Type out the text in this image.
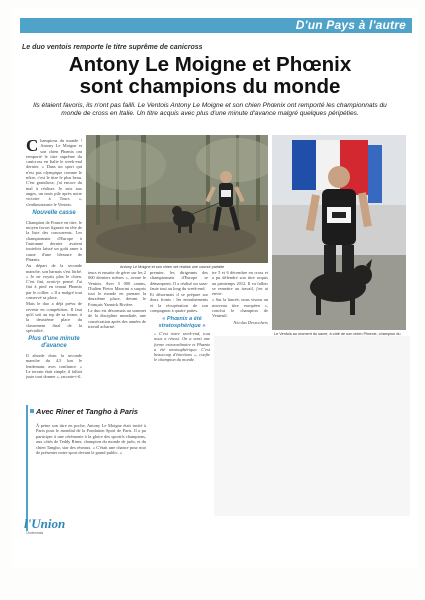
D'un Pays à l'autre
Le duo ventois remporte le titre suprême de canicross
Antony Le Moigne et Phœnix
sont champions du monde
Ils étaient favoris, ils n'ont pas failli. Le Ventois Antony Le Moigne et son chien Phœnix ont remporté les championnats du monde de cross en Italie. Un titre acquis avec plus d'une minute d'avance malgré quelques péripéties.

Champions du monde ! Antony Le Moigne et son chien Phœnix ont remporté le titre suprême du canicross en Italie le week-end dernier. « Dans un sport qui n'est pas olympique comme le nôtre, c'est le titre le plus beau. C'est grandiose, j'ai encore du mal à réaliser. Je suis aux anges, un mois pile après notre victoire à Tours », s'enthousiasme le Ventois.

Nouvelle casse

Champion de France en titre, le moyen favori figurait en tête de la liste des concurrents. Les championnats d'Europe à l'automne dernier avaient toutefois laissé un goût amer à cause d'une blessure de Phœnix.

Au départ de la seconde manche, son harnais s'est lâché. « Je ne voyais plus le chien. C'est fini, avais-je pensé. J'ai fini à pied en tenant Phœnix par le collier. » Il a malgré tout conservé sa place.

Mais le duo a déjà prévu de revenir en compétition. Il faut qu'il soit au top de sa forme, à la deuxième place du classement final de la spécialité.

Plus d'une minute d'avance

Il aborde donc la seconde manche du 4,5 km le lendemain, avec confiance. « Le terrain était simple, il fallait juste tout donner », raconte-t-il.

Antony Le Moigne et son chien ont réalisé une course parfaite
Le Ventois au moment du sacre, à côté de son chien Phœnix, champion du

teurs et ensuite de gérer sur les 2 000 derniers mètres », avoue le Ventois. Avec 5 000 canins, l'Italien Pietro Mancini a surpris tout le monde en prenant la deuxième place, devant le Français Yannick Rivière.

Le duo est désormais au sommet de la discipline mondiale, une consécration après des années de travail acharné.

premier, les dirigeants des championnats d'Europe se démarquent. Il a réalisé un sans-faute tout au long du week-end.

Et désormais il se prépare sur deux fronts : les entraînements et la récupération de son compagnon à quatre pattes.

tre 5 et 6 décembre en cross et a pu défendre son titre acquis au printemps 2012. Il va falloir se remettre au travail, j'en ai envie.

« Sur la lancée, nous visons un nouveau titre européen », conclut le champion de Venteuil.

Nicolas Desrochers

« Phœnix a été stratosphérique »
« C'est notre week-end, tout nous a réussi. On a senti une forme extraordinaire et Phœnix a été stratosphérique. C'est beaucoup d'émotions », confie le champion du monde.
Avec Riner et Tangho à Paris
À peine son titre en poche, Antony Le Moigne était invité à Paris pour le mondial de la Fondation Sport de Paris. Il a pu participer à une cérémonie à la gloire des sportifs champions, aux côtés de Teddy Riner, champion du monde de judo, et du chien Tangho, star des réseaux. « C'était une chance pour moi de présenter notre sport devant le grand public. »
l'Union
l'Ardennais
